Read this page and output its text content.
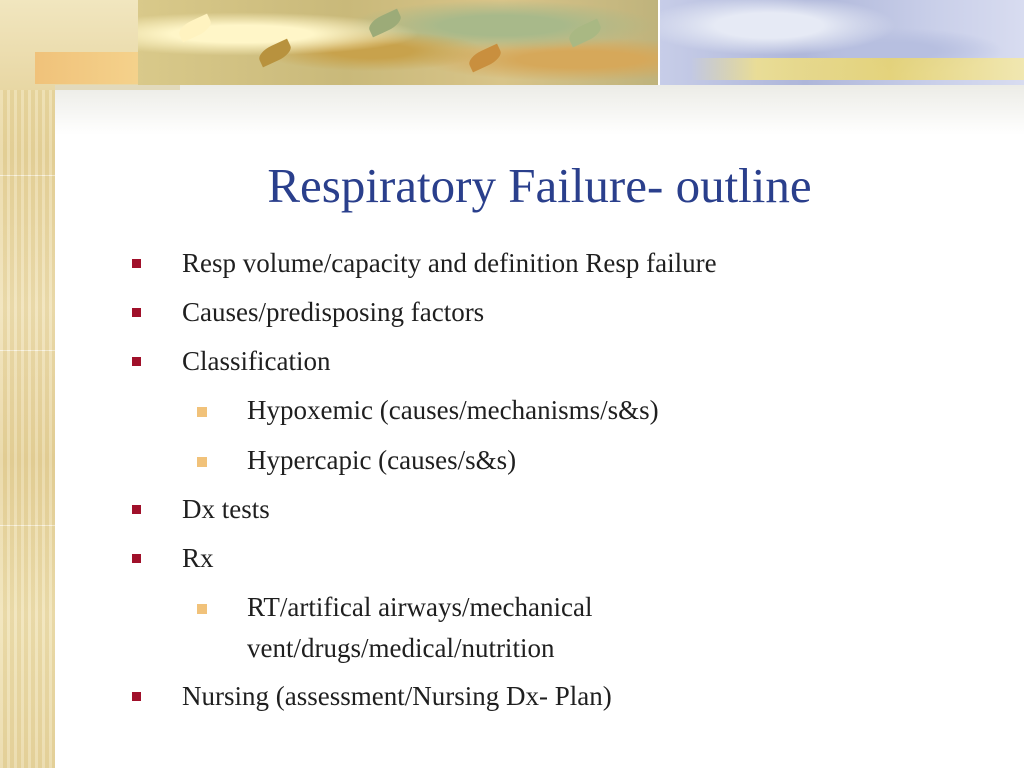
Respiratory Failure- outline
Resp volume/capacity and definition Resp failure
Causes/predisposing factors
Classification
Hypoxemic (causes/mechanisms/s&s)
Hypercapic (causes/s&s)
Dx tests
Rx
RT/artifical airways/mechanical
vent/drugs/medical/nutrition
Nursing (assessment/Nursing Dx- Plan)
